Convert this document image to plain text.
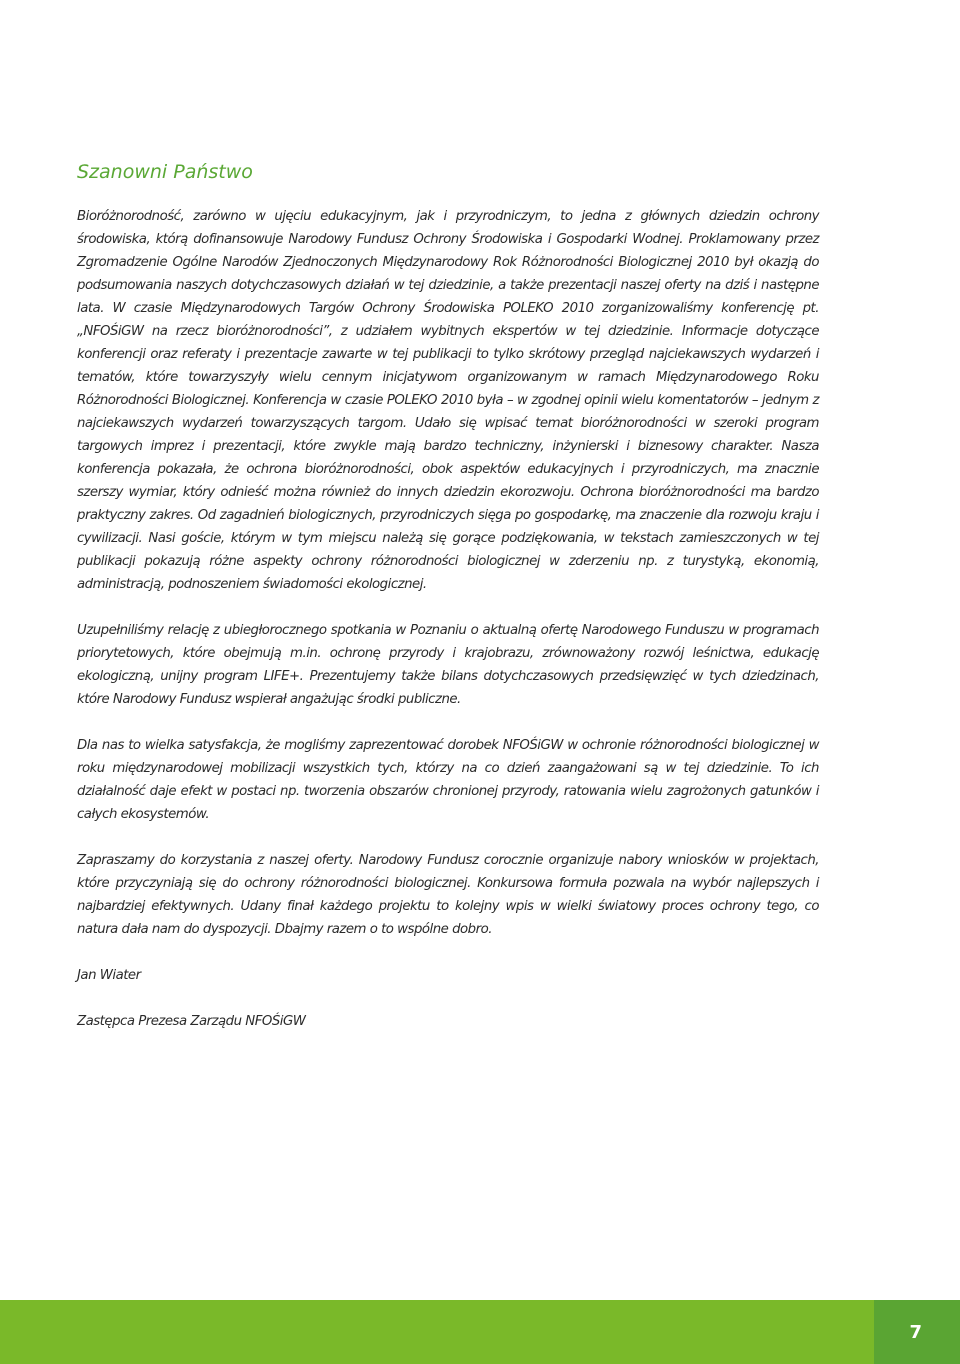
Szanowni Państwo

Bioróżnorodność, zarówno w ujęciu edukacyjnym, jak i przyrodniczym, to jedna z głównych dziedzin ochrony środowiska, którą dofinansowuje Narodowy Fundusz Ochrony Środowiska i Gospodarki Wodnej. Proklamowany przez Zgromadzenie Ogólne Narodów Zjednoczonych Międzynarodowy Rok Różnorodności Biologicznej 2010 był okazją do podsumowania naszych dotychczasowych działań w tej dziedzinie, a także prezentacji naszej oferty na dziś i następne lata. W czasie Międzynarodowych Targów Ochrony Środowiska POLEKO 2010 zorganizowaliśmy konferencję pt. „NFOŚiGW na rzecz bioróżnorodności”, z udziałem wybitnych ekspertów w tej dziedzinie. Informacje dotyczące konferencji oraz referaty i prezentacje zawarte w tej publikacji to tylko skrótowy przegląd najciekawszych wydarzeń i tematów, które towarzyszyły wielu cennym inicjatywom organizowanym w ramach Międzynarodowego Roku Różnorodności Biologicznej. Konferencja w czasie POLEKO 2010 była – w zgodnej opinii wielu komentatorów – jednym z najciekawszych wydarzeń towarzyszących targom. Udało się wpisać temat bioróżnorodności w szeroki program targowych imprez i prezentacji, które zwykle mają bardzo techniczny, inżynierski i biznesowy charakter. Nasza konferencja pokazała, że ochrona bioróżnorodności, obok aspektów edukacyjnych i przyrodniczych, ma znacznie szerszy wymiar, który odnieść można również do innych dziedzin ekorozwoju. Ochrona bioróżnorodności ma bardzo praktyczny zakres. Od zagadnień biologicznych, przyrodniczych sięga po gospodarkę, ma znaczenie dla rozwoju kraju i cywilizacji. Nasi goście, którym w tym miejscu należą się gorące podziękowania, w tekstach zamieszczonych w tej publikacji pokazują różne aspekty ochrony różnorodności biologicznej w zderzeniu np. z turystyką, ekonomią, administracją, podnoszeniem świadomości ekologicznej.

Uzupełniliśmy relację z ubiegłorocznego spotkania w Poznaniu o aktualną ofertę Narodowego Funduszu w programach priorytetowych, które obejmują m.in. ochronę przyrody i krajobrazu, zrównoważony rozwój leśnictwa, edukację ekologiczną, unijny program LIFE+. Prezentujemy także bilans dotychczasowych przedsięwzięć w tych dziedzinach, które Narodowy Fundusz wspierał angażując środki publiczne.

Dla nas to wielka satysfakcja, że mogliśmy zaprezentować dorobek NFOŚiGW w ochronie różnorodności biologicznej w roku międzynarodowej mobilizacji wszystkich tych, którzy na co dzień zaangażowani są w tej dziedzinie. To ich działalność daje efekt w postaci np. tworzenia obszarów chronionej przyrody, ratowania wielu zagrożonych gatunków i całych ekosystemów.

Zapraszamy do korzystania z naszej oferty. Narodowy Fundusz corocznie organizuje nabory wniosków w projektach, które przyczyniają się do ochrony różnorodności biologicznej. Konkursowa formuła pozwala na wybór najlepszych i najbardziej efektywnych. Udany finał każdego projektu to kolejny wpis w wielki światowy proces ochrony tego, co natura dała nam do dyspozycji. Dbajmy razem o to wspólne dobro.

Jan Wiater

Zastępca Prezesa Zarządu NFOŚiGW

7
